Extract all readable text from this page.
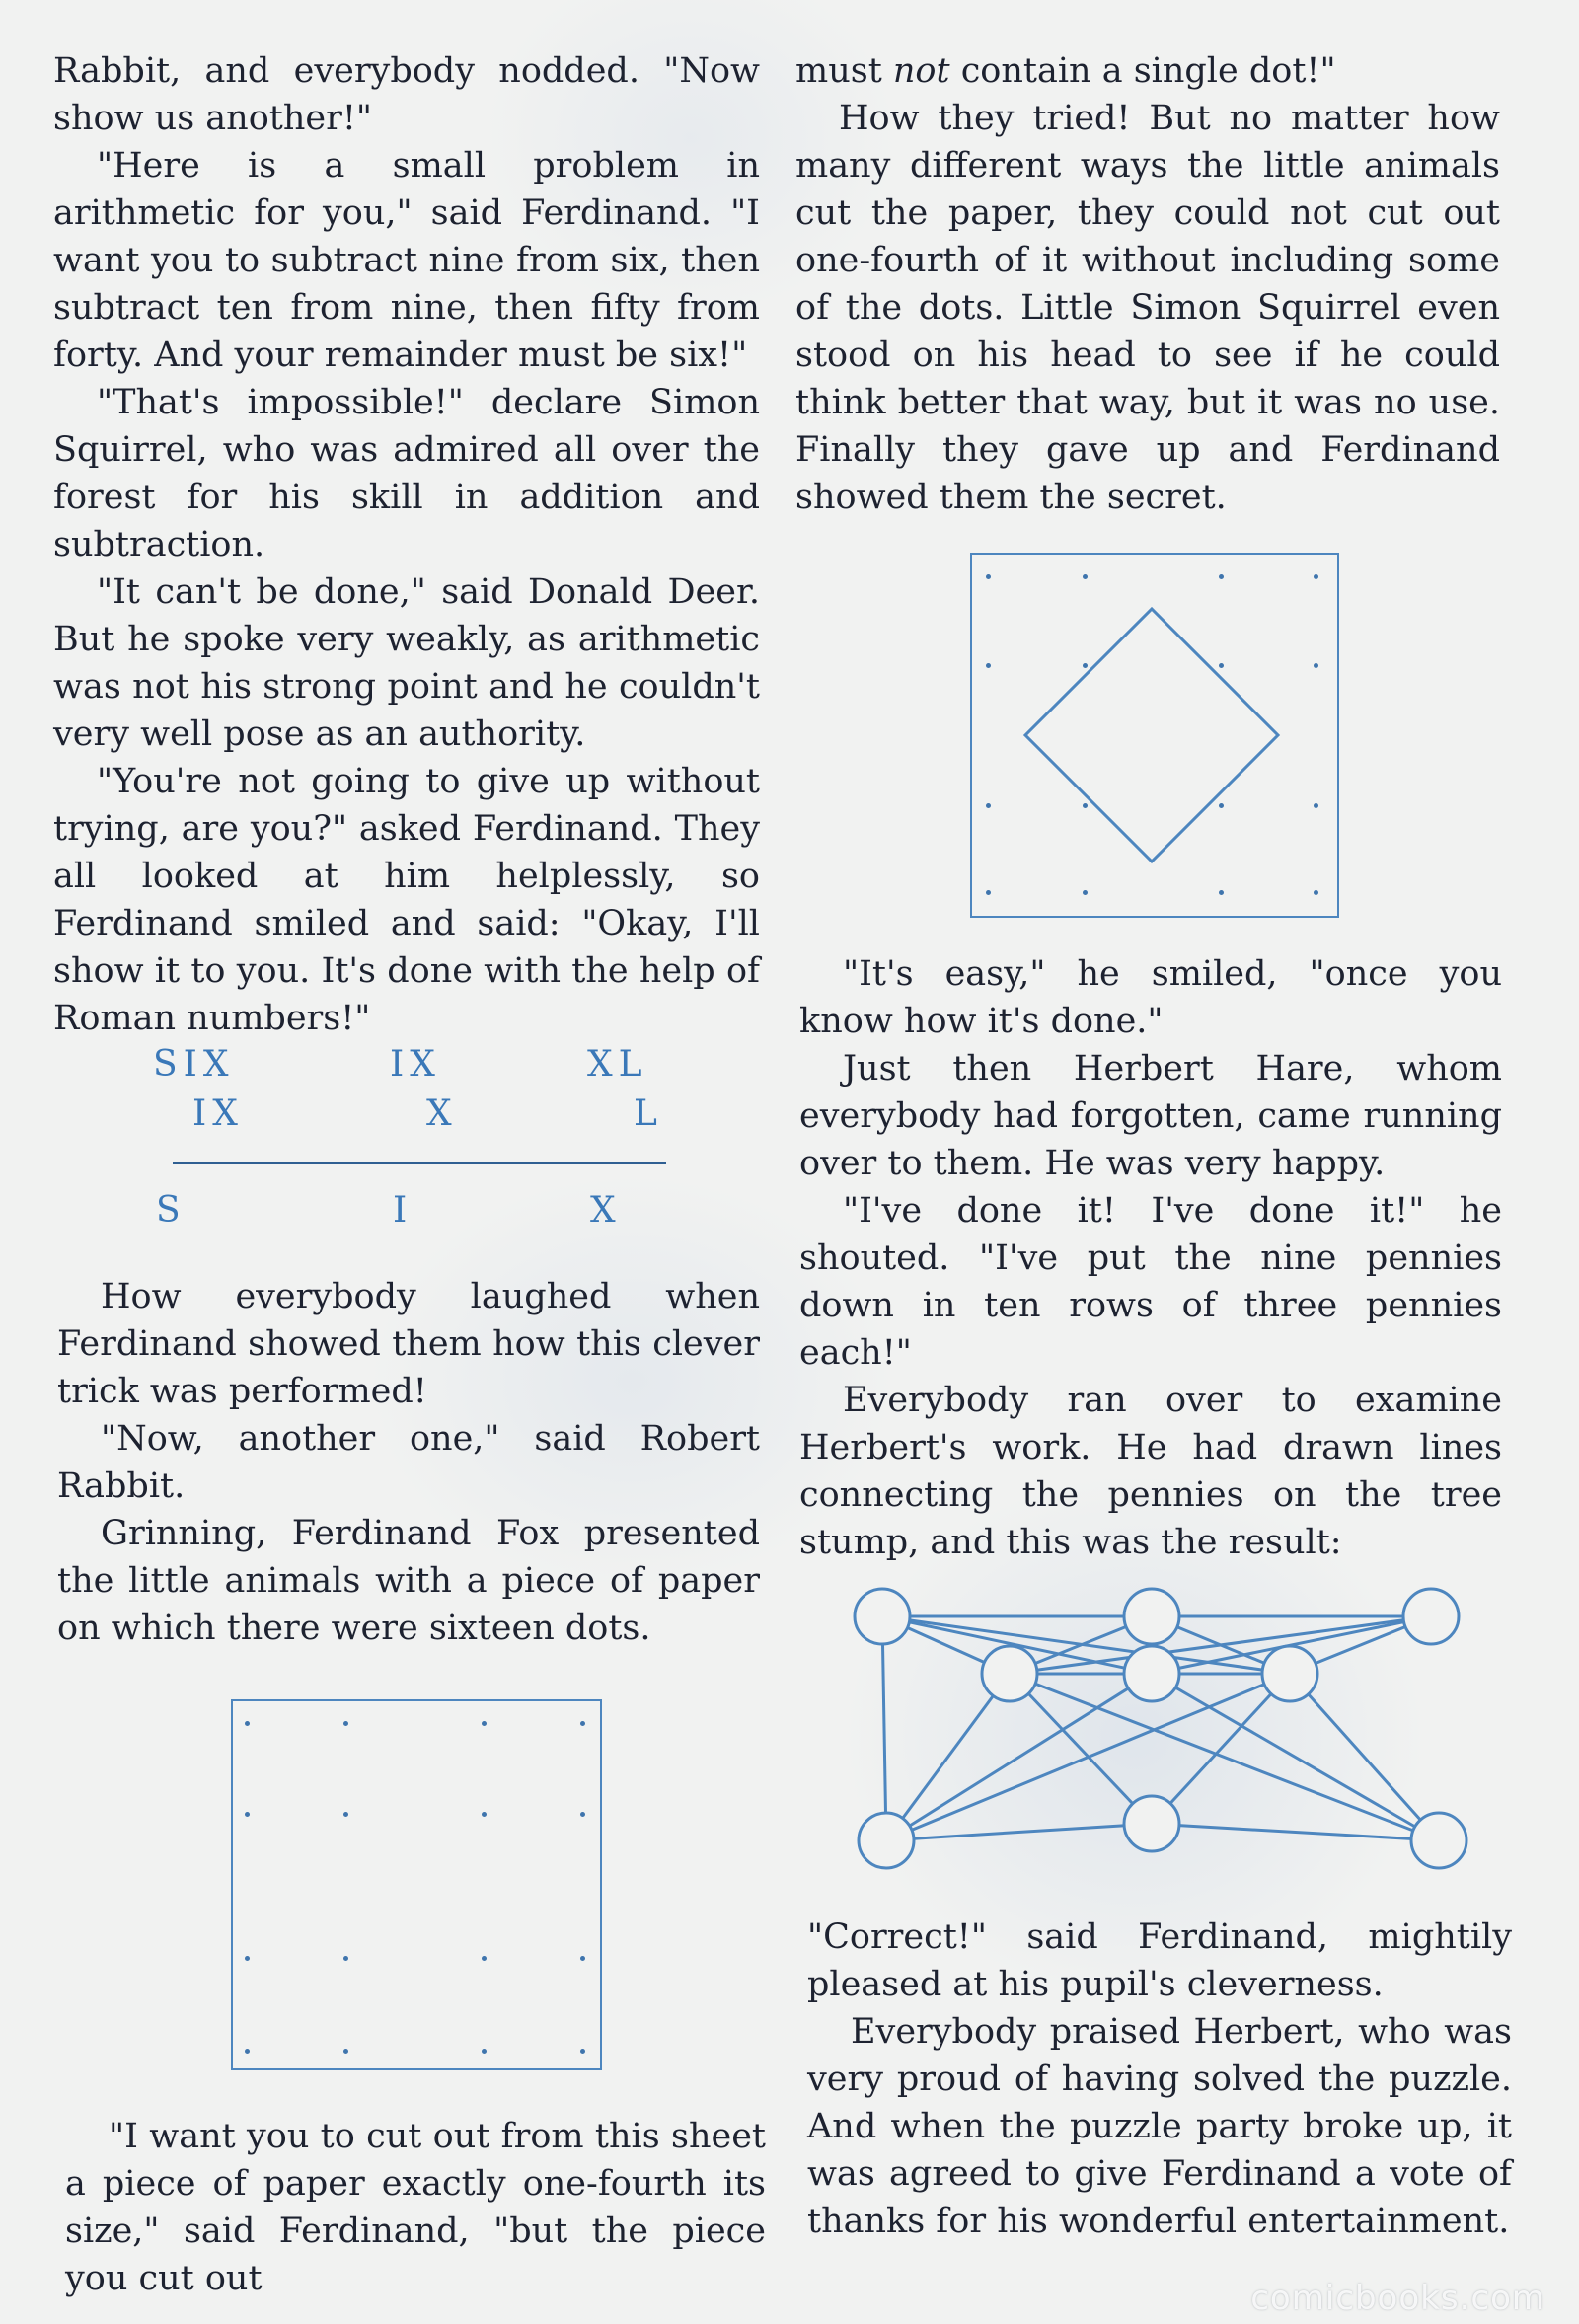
Rabbit, and everybody nodded. "Now show us another!"

"Here is a small problem in arithmetic for you," said Ferdinand. "I want you to subtract nine from six, then subtract ten from nine, then fifty from forty. And your remainder must be six!"

"That's impossible!" declare Simon Squirrel, who was admired all over the forest for his skill in addition and subtraction.

"It can't be done," said Donald Deer. But he spoke very weakly, as arithmetic was not his strong point and he couldn't very well pose as an authority.

"You're not going to give up without trying, are you?" asked Ferdinand. They all looked at him helplessly, so Ferdinand smiled and said: "Okay, I'll show it to you. It's done with the help of Roman numbers!"

SIX	IX	XL
IX	X	L
S	I	X

How everybody laughed when Ferdinand showed them how this clever trick was performed!

"Now, another one," said Robert Rabbit.

Grinning, Ferdinand Fox presented the little animals with a piece of paper on which there were sixteen dots.

"I want you to cut out from this sheet a piece of paper exactly one-fourth its size," said Ferdinand, "but the piece you cut out

must not contain a single dot!"

How they tried! But no matter how many different ways the little animals cut the paper, they could not cut out one-fourth of it without including some of the dots. Little Simon Squirrel even stood on his head to see if he could think better that way, but it was no use. Finally they gave up and Ferdinand showed them the secret.

"It's easy," he smiled, "once you know how it's done."

Just then Herbert Hare, whom everybody had forgotten, came running over to them. He was very happy.

"I've done it! I've done it!" he shouted. "I've put the nine pennies down in ten rows of three pennies each!"

Everybody ran over to examine Herbert's work. He had drawn lines connecting the pennies on the tree stump, and this was the result:

"Correct!" said Ferdinand, mightily pleased at his pupil's cleverness.

Everybody praised Herbert, who was very proud of having solved the puzzle. And when the puzzle party broke up, it was agreed to give Ferdinand a vote of thanks for his wonderful entertainment.

comicbooks.com
